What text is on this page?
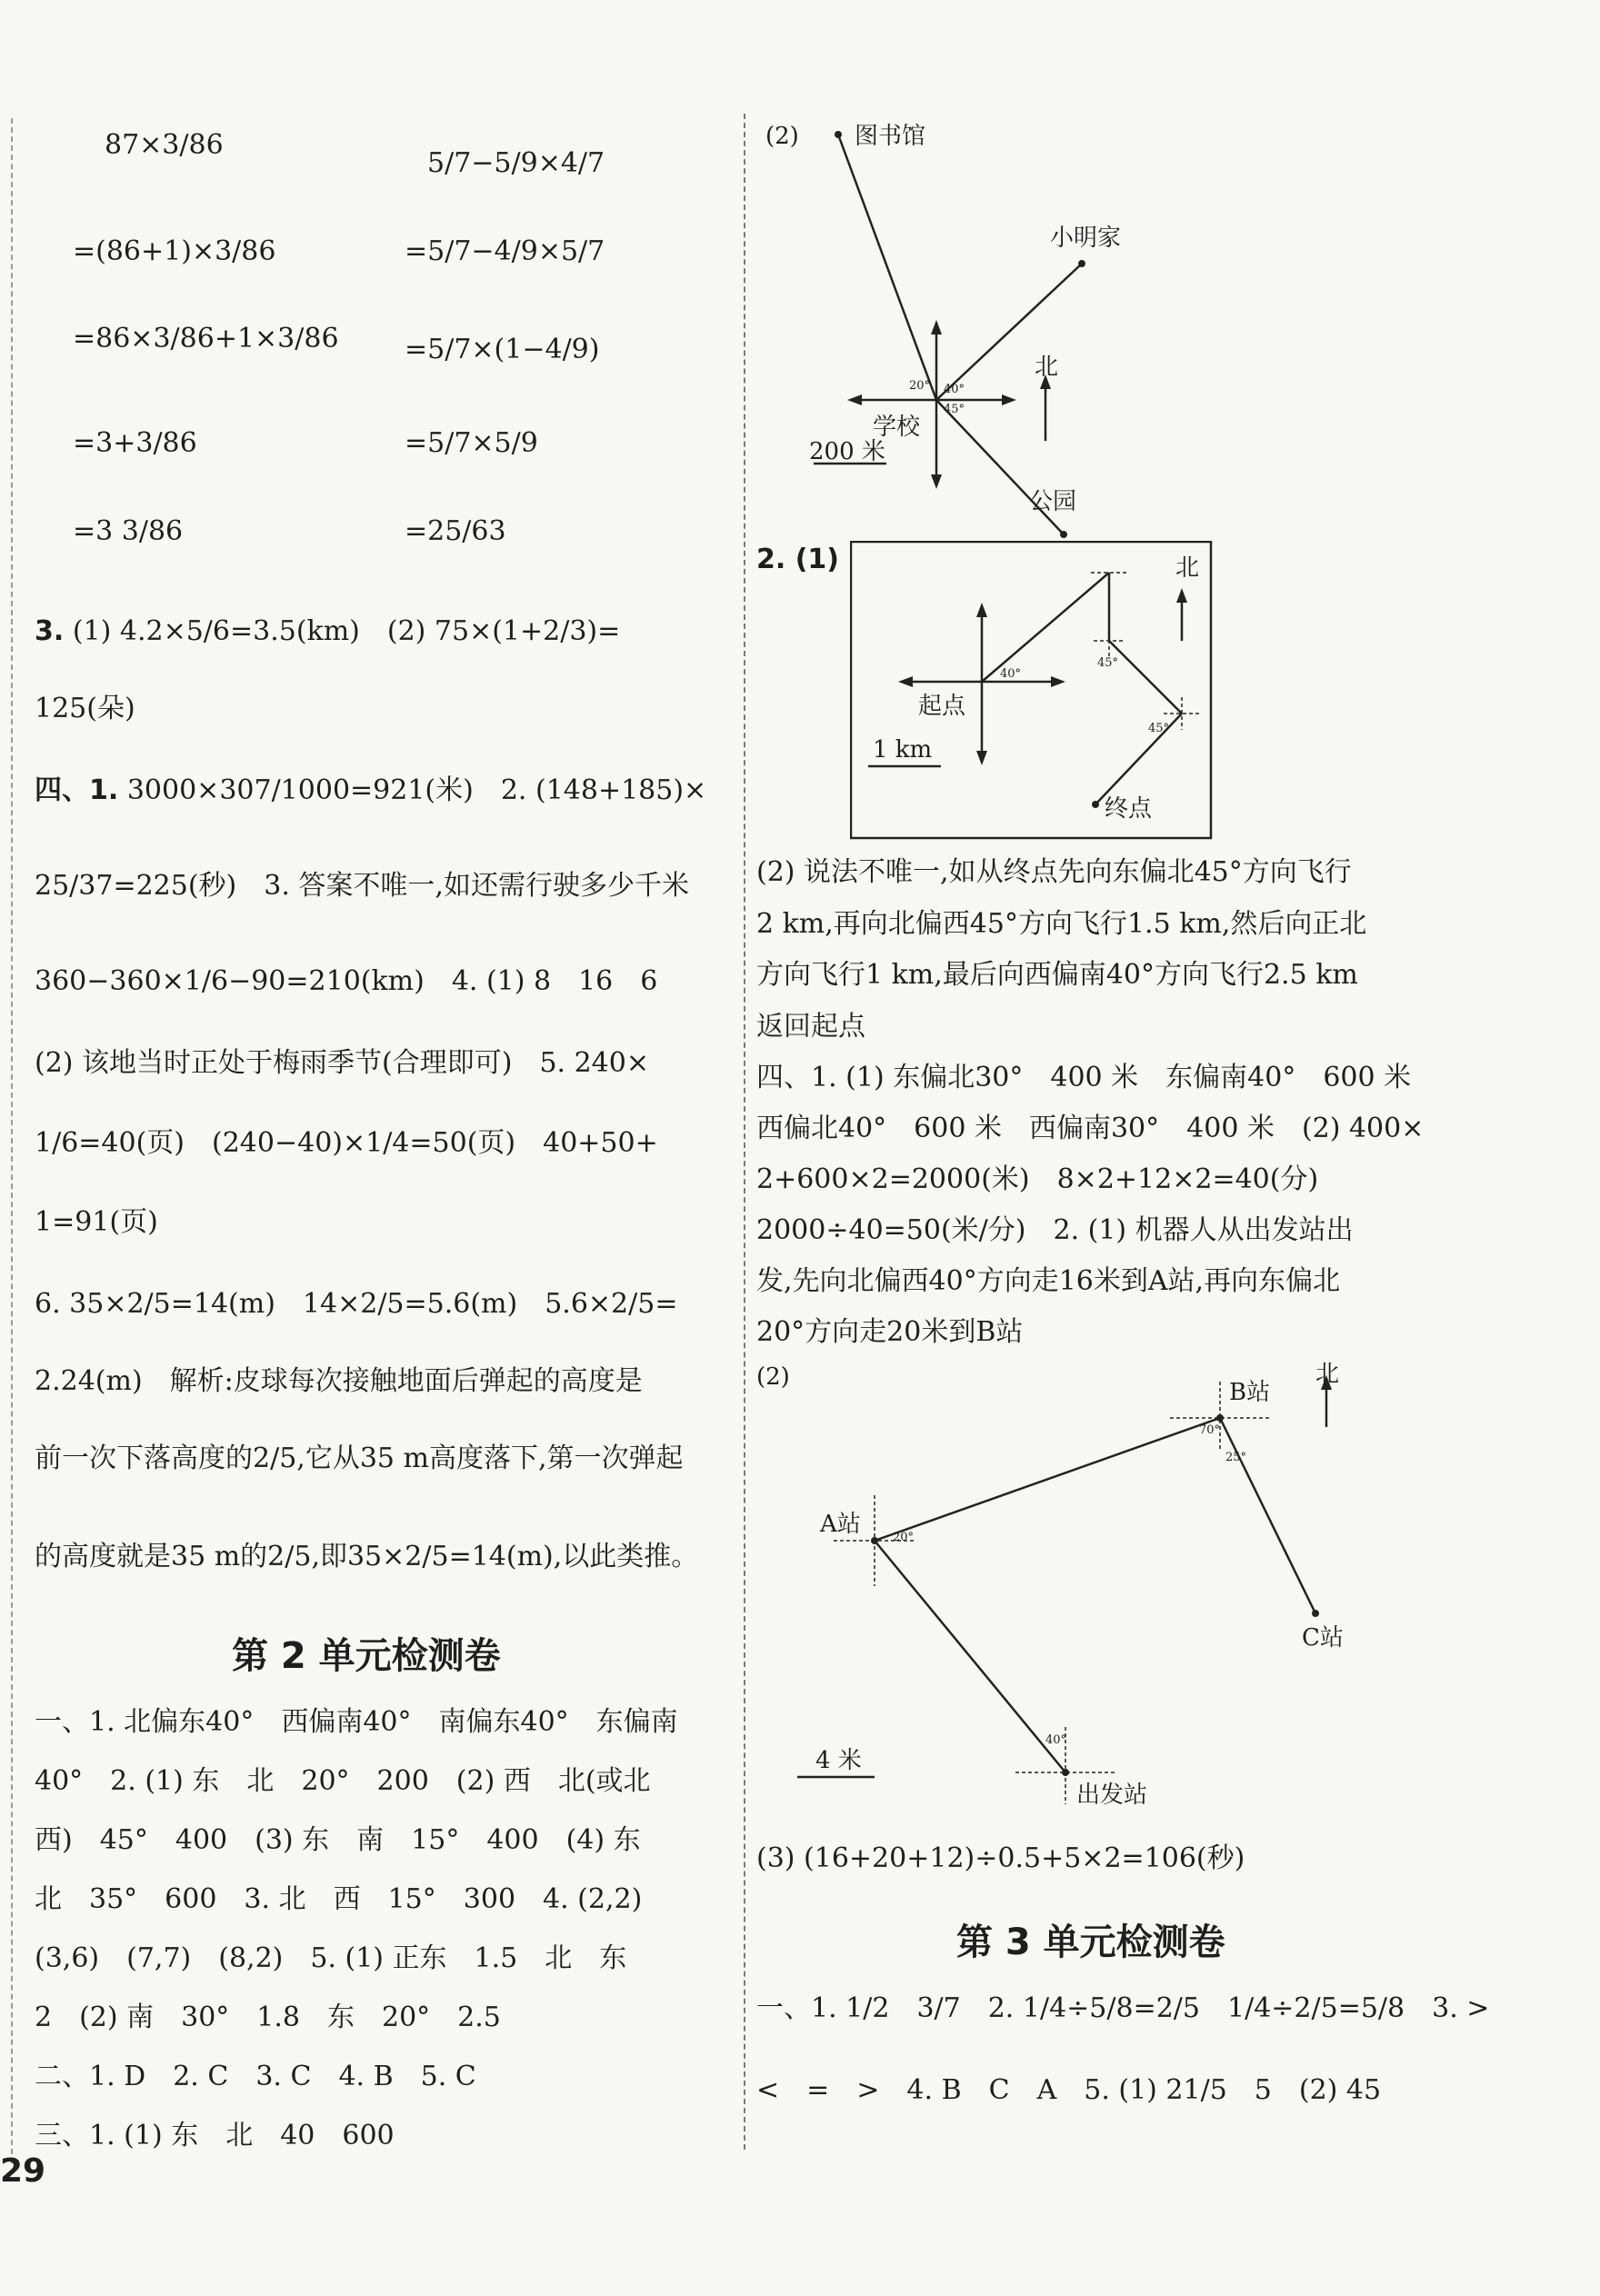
87×3/86
=(86+1)×3/86
=86×3/86+1×3/86
=3+3/86
=3 3/86
5/7−5/9×4/7
=5/7−4/9×5/7
=5/7×(1−4/9)
=5/7×5/9
=25/63
3. (1) 4.2×5/6=3.5(km)　(2) 75×(1+2/3)=
125(朵)
四、1. 3000×307/1000=921(米)　2. (148+185)×
25/37=225(秒)　3. 答案不唯一,如还需行驶多少千米
360−360×1/6−90=210(km)　4. (1) 8　16　6
(2) 该地当时正处于梅雨季节(合理即可)　5. 240×
1/6=40(页)　(240−40)×1/4=50(页)　40+50+
1=91(页)
6. 35×2/5=14(m)　14×2/5=5.6(m)　5.6×2/5=
2.24(m)　解析:皮球每次接触地面后弹起的高度是
前一次下落高度的2/5,它从35 m高度落下,第一次弹起
的高度就是35 m的2/5,即35×2/5=14(m),以此类推。
第 2 单元检测卷
一、1. 北偏东40°　西偏南40°　南偏东40°　东偏南
40°　2. (1) 东　北　20°　200　(2) 西　北(或北
西)　45°　400　(3) 东　南　15°　400　(4) 东
北　35°　600　3. 北　西　15°　300　4. (2,2)
(3,6)　(7,7)　(8,2)　5. (1) 正东　1.5　北　东
2　(2) 南　30°　1.8　东　20°　2.5
二、1. D　2. C　3. C　4. B　5. C
三、1. (1) 东　北　40　600
29
(2) 图书馆
小明家
学校
公园
北
200 米
20° 40°
45°
2. (1)	北
起点
终点
1 km
40°
45°
45°
(2) 说法不唯一,如从终点先向东偏北45°方向飞行
2 km,再向北偏西45°方向飞行1.5 km,然后向正北
方向飞行1 km,最后向西偏南40°方向飞行2.5 km
返回起点
四、1. (1) 东偏北30°　400 米　东偏南40°　600 米
西偏北40°　600 米　西偏南30°　400 米　(2) 400×
2+600×2=2000(米)　8×2+12×2=40(分)
2000÷40=50(米/分)　2. (1) 机器人从出发站出
发,先向北偏西40°方向走16米到A站,再向东偏北
20°方向走20米到B站
(2)
B站
A站
C站
出发站
北
4 米
70°
25°
20°
40°
(3) (16+20+12)÷0.5+5×2=106(秒)
第 3 单元检测卷
一、1. 1/2　3/7　2. 1/4÷5/8=2/5　1/4÷2/5=5/8　3. >
<　=　>　4. B　C　A　5. (1) 21/5　5　(2) 45
